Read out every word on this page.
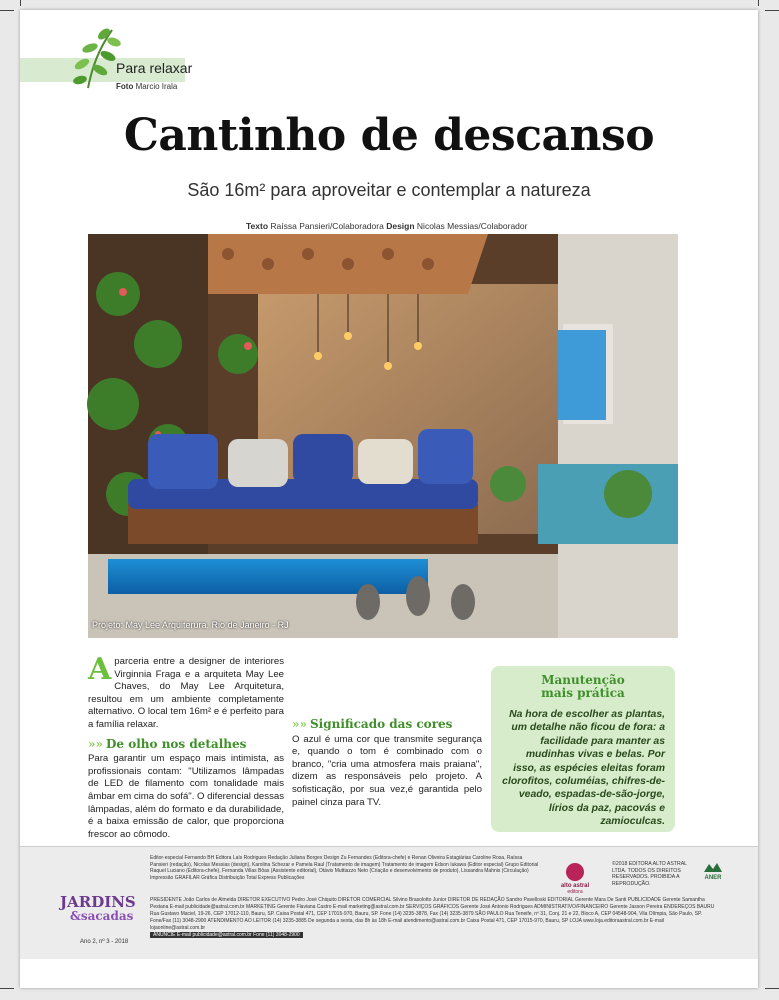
Para relaxar
Foto Marcio Irala
Cantinho de descanso
São 16m² para aproveitar e contemplar a natureza
Texto Raíssa Pansieri/Colaboradora Design Nicolas Messias/Colaborador
Projeto: May Lee Arquiterura, Rio de Janeiro - RJ
Aparceria entre a designer de interiores Virginnia Fraga e a arquiteta May Lee Chaves, do May Lee Arquitetura, resultou em um ambiente completamente alternativo. O local tem 16m² e é perfeito para a família relaxar.
»» De olho nos detalhes
Para garantir um espaço mais intimista, as profissionais contam: "Utilizamos lâmpadas de LED de filamento com tonalidade mais âmbar em cima do sofá". O diferencial dessas lâmpadas, além do formato e da durabilidade, é a baixa emissão de calor, que proporciona frescor ao cômodo.
»» Significado das cores
O azul é uma cor que transmite segurança e, quando o tom é combinado com o branco, "cria uma atmosfera mais praiana", dizem as responsáveis pelo projeto. A sofisticação, por sua vez,é garantida pelo painel cinza para TV.
Manutenção
mais prática
Na hora de escolher as plantas, um detalhe não ficou de fora: a facilidade para manter as mudinhas vivas e belas. Por isso, as espécies eleitas foram clorofitos, columéias, chifres-de-veado, espadas-de-são-jorge, lírios da paz, pacovás e zamioculcas.
JARDINS
&sacadas
Ano 2, nº 3 - 2018

Editor-especial Fernando BH Editora Laís Rodrigues Redação Juliana Borges Design Zu Fernandes (Editora-chefe) e Renan Oliveira Estagiárias Caroline Rosa, Raíssa Pansieri (redação), Nicolas Messias (design), Karolina Schezar e Pamela Raul (Tratamento de imagem) Tratamento de imagem Edson Iukawa (Editor especial) Grupo Editorial Raquel Luciano (Editora-chefe), Fernanda Villas Bôas (Assistente editorial), Otávio Muttiazzo Neto (Criação e desenvolvimento de produto), Lissandra Mahnis (Circulação) Impressão GRAFILAR Gráfica Distribuição Total Express Publicações

PRESIDENTE João Carlos de Almeida DIRETOR EXECUTIVO Pedro José Chiquito DIRETOR COMERCIAL Silvino Brasolotto Junior DIRETOR DE REDAÇÃO Sandro Pavelloski EDITORIAL Gerente Mara De Santi PUBLICIDADE Gerente Samantha Pestana E-mail publicidade@astral.com.br MARKETING Gerente Flaviana Castro E-mail marketing@astral.com.br SERVIÇOS GRÁFICOS Gerente José Antonio Rodrigues ADMINISTRATIVO/FINANCEIRO Gerente Jasson Pereira ENDEREÇOS BAURU Rua Gustavo Maciel, 19-26, CEP 17012-110, Bauru, SP. Caixa Postal 471, CEP 17015-970, Bauru, SP. Fone (14) 3235-3878, Fax (14) 3235-3879 SÃO PAULO Rua Teneife, nº 31, Conj. 21 e 22, Bloco A, CEP 04548-904, Vila Olímpia, São Paulo, SP. Fone/Fax (11) 3048-2900 ATENDIMENTO AO LEITOR (14) 3235-3885 De segunda a sexta, das 8h às 18h E-mail atendimento@astral.com.br Caixa Postal 471, CEP 17015-970, Bauru, SP LOJA www.loja.editoraastral.com.br E-mail lojaonline@astral.com.br
ANUNCIE E-mail publicidade@astral.com.br Fone (11) 3048-2900
alto astral
editora
©2018 EDITORA ALTO ASTRAL LTDA. TODOS OS DIREITOS RESERVADOS. PROIBIDA A REPRODUÇÃO.
ANER
